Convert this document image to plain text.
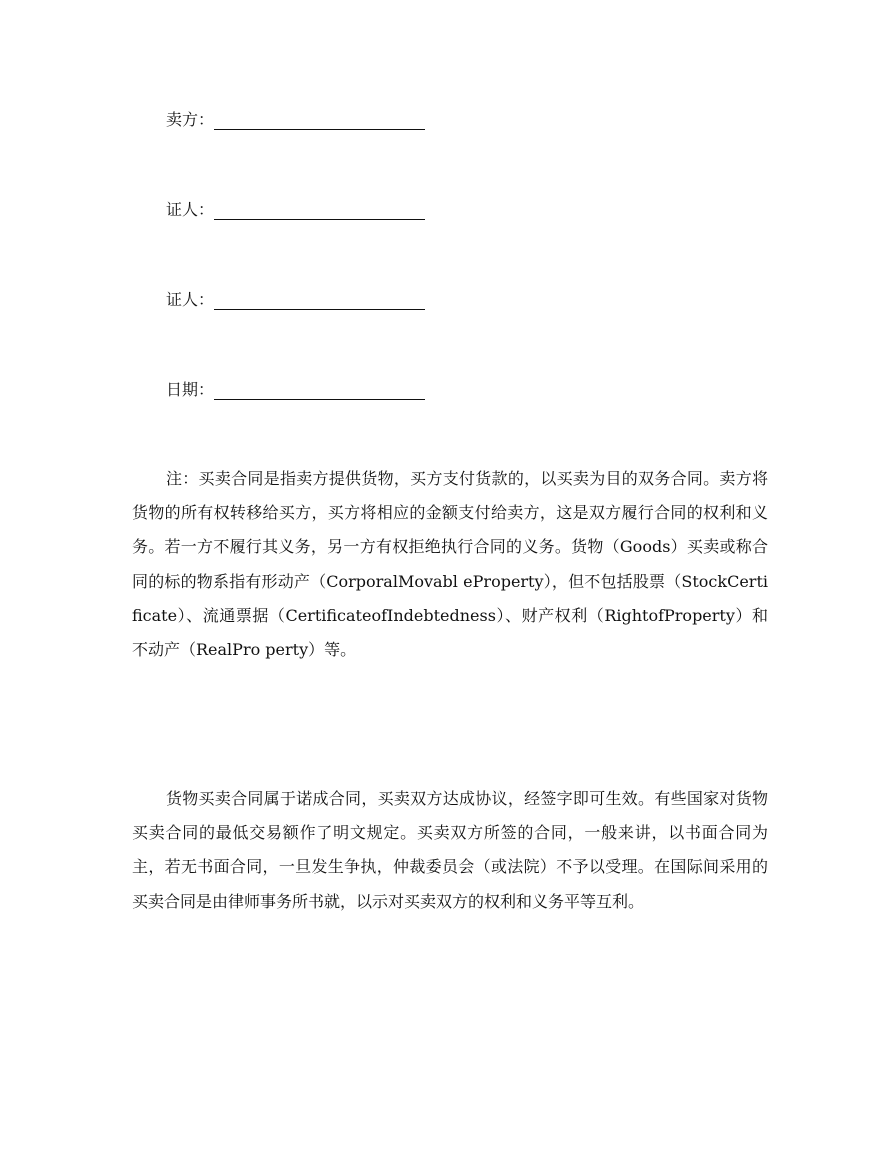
卖方：
证人：
证人：
日期：

注：买卖合同是指卖方提供货物，买方支付货款的，以买卖为目的双务合同。卖方将货物的所有权转移给买方，买方将相应的金额支付给卖方，这是双方履行合同的权利和义务。若一方不履行其义务，另一方有权拒绝执行合同的义务。货物（Goods）买卖或称合同的标的物系指有形动产（CorporalMovabl eProperty），但不包括股票（StockCertificate）、流通票据（CertificateofIndebtedness）、财产权利（RightofProperty）和不动产（RealPro perty）等。

货物买卖合同属于诺成合同，买卖双方达成协议，经签字即可生效。有些国家对货物买卖合同的最低交易额作了明文规定。买卖双方所签的合同，一般来讲，以书面合同为主，若无书面合同，一旦发生争执，仲裁委员会（或法院）不予以受理。在国际间采用的买卖合同是由律师事务所书就，以示对买卖双方的权利和义务平等互利。
